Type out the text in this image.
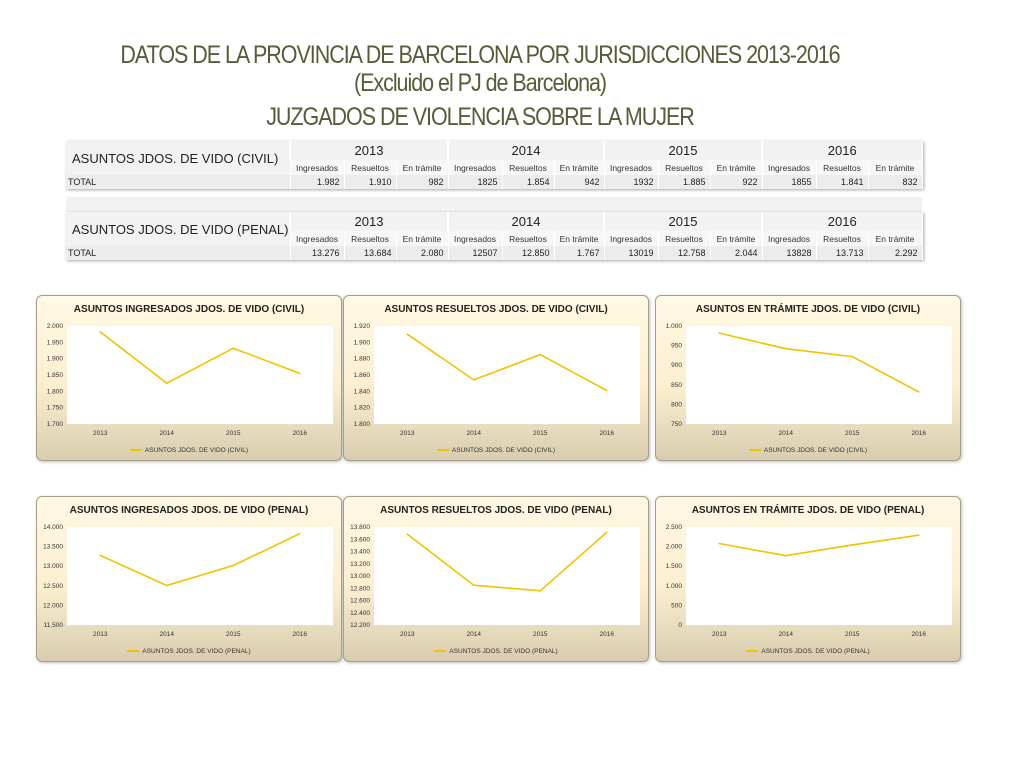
DATOS DE LA PROVINCIA DE BARCELONA POR JURISDICCIONES 2013-2016
(Excluido el PJ de Barcelona)
JUZGADOS DE VIOLENCIA SOBRE LA MUJER
ASUNTOS JDOS. DE VIDO (CIVIL)	2013			2014			2015			2016		
	Ingresados	Resueltos	En trámite	Ingresados	Resueltos	En trámite	Ingresados	Resueltos	En trámite	Ingresados	Resueltos	En trámite
TOTAL	1.982	1.910	982	1825	1.854	942	1932	1.885	922	1855	1.841	832
ASUNTOS JDOS. DE VIDO (PENAL)	2013			2014			2015			2016		
	Ingresados	Resueltos	En trámite	Ingresados	Resueltos	En trámite	Ingresados	Resueltos	En trámite	Ingresados	Resueltos	En trámite
TOTAL	13.276	13.684	2.080	12507	12.850	1.767	13019	12.758	2.044	13828	13.713	2.292
ASUNTOS INGRESADOS JDOS. DE VIDO (CIVIL)
1.700
1.750
1.800
1.850
1.900
1.950
2.000
2013	2014	2015	2016
ASUNTOS JDOS. DE VIDO (CIVIL)
ASUNTOS RESUELTOS JDOS. DE VIDO (CIVIL)
1.800
1.820
1.840
1.860
1.880
1.900
1.920
2013	2014	2015	2016
ASUNTOS JDOS. DE VIDO (CIVIL)
ASUNTOS EN TRÁMITE JDOS. DE VIDO (CIVIL)
750
800
850
900
950
1.000
2013	2014	2015	2016
ASUNTOS JDOS. DE VIDO (CIVIL)
ASUNTOS INGRESADOS JDOS. DE VIDO (PENAL)
11.500
12.000
12.500
13.000
13.500
14.000
2013	2014	2015	2016
ASUNTOS JDOS. DE VIDO (PENAL)
ASUNTOS RESUELTOS JDOS. DE VIDO (PENAL)
12.200
12.400
12.600
12.800
13.000
13.200
13.400
13.600
13.800
2013	2014	2015	2016
ASUNTOS JDOS. DE VIDO (PENAL)
ASUNTOS EN TRÁMITE JDOS. DE VIDO (PENAL)
0
500
1.000
1.500
2.000
2.500
2013	2014	2015	2016
ASUNTOS JDOS. DE VIDO (PENAL)
